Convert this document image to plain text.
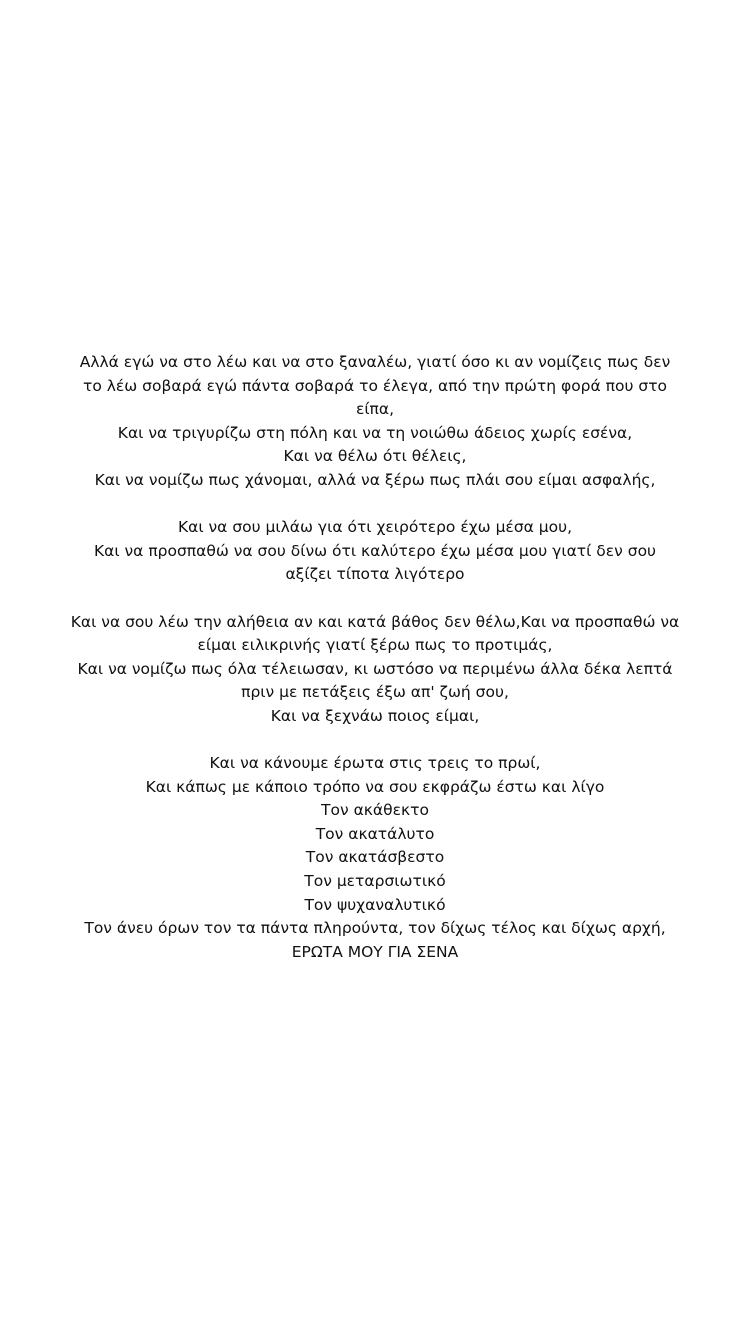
Αλλά εγώ να στο λέω και να στο ξαναλέω, γιατί όσο κι αν νομίζεις πως δεν το λέω σοβαρά εγώ πάντα σοβαρά το έλεγα, από την πρώτη φορά που στο είπα,
Και να τριγυρίζω στη πόλη και να τη νοιώθω άδειος χωρίς εσένα,
Και να θέλω ότι θέλεις,
Και να νομίζω πως χάνομαι, αλλά να ξέρω πως πλάι σου είμαι ασφαλής,
Και να σου μιλάω για ότι χειρότερο έχω μέσα μου,
Και να προσπαθώ να σου δίνω ότι καλύτερο έχω μέσα μου γιατί δεν σου αξίζει τίποτα λιγότερο
Και να σου λέω την αλήθεια αν και κατά βάθος δεν θέλω,Και να προσπαθώ να είμαι ειλικρινής γιατί ξέρω πως το προτιμάς,
Και να νομίζω πως όλα τέλειωσαν, κι ωστόσο να περιμένω άλλα δέκα λεπτά πριν με πετάξεις έξω απ' ζωή σου,
Και να ξεχνάω ποιος είμαι,
Και να κάνουμε έρωτα στις τρεις το πρωί,
Και κάπως με κάποιο τρόπο να σου εκφράζω έστω και λίγο
Τον ακάθεκτο
Τον ακατάλυτο
Τον ακατάσβεστο
Τον μεταρσιωτικό
Τον ψυχαναλυτικό
Τον άνευ όρων τον τα πάντα πληρούντα, τον δίχως τέλος και δίχως αρχή,
ΕΡΩΤΑ ΜΟΥ ΓΙΑ ΣΕΝΑ
